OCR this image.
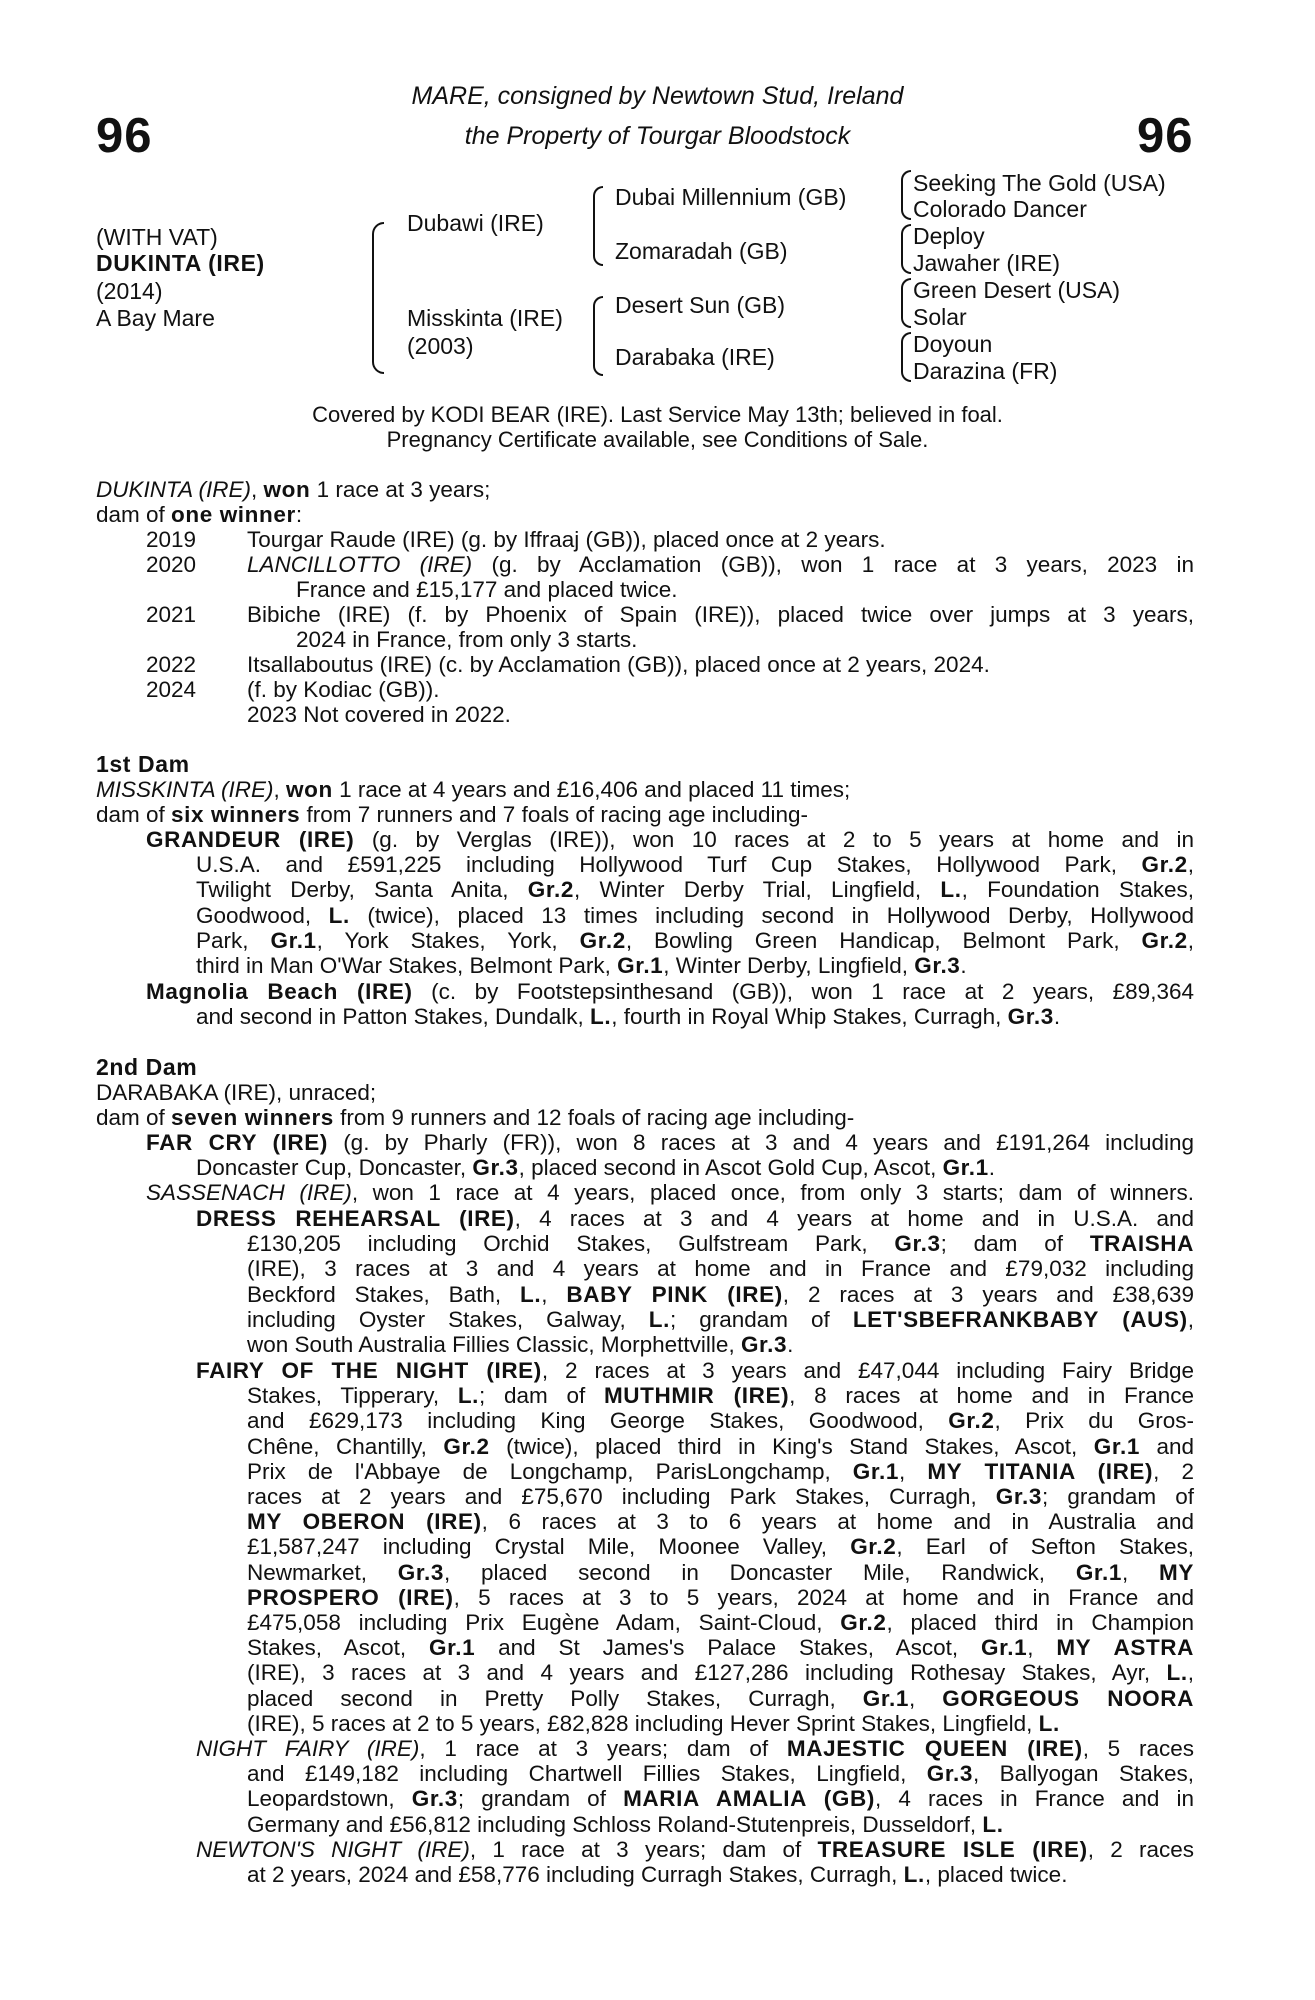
96	96
MARE, consigned by Newtown Stud, Ireland
the Property of Tourgar Bloodstock
(WITH VAT)
DUKINTA (IRE)
(2014)
A Bay Mare
Dubawi (IRE)
Misskinta (IRE)
(2003)
Dubai Millennium (GB)
Zomaradah (GB)
Desert Sun (GB)
Darabaka (IRE)
Seeking The Gold (USA)
Colorado Dancer
Deploy
Jawaher (IRE)
Green Desert (USA)
Solar
Doyoun
Darazina (FR)
Covered by KODI BEAR (IRE). Last Service May 13th; believed in foal.
Pregnancy Certificate available, see Conditions of Sale.
DUKINTA (IRE), won 1 race at 3 years;
dam of one winner:
2019 Tourgar Raude (IRE) (g. by Iffraaj (GB)), placed once at 2 years.
2020 LANCILLOTTO (IRE) (g. by Acclamation (GB)), won 1 race at 3 years, 2023 in
France and £15,177 and placed twice.
2021 Bibiche (IRE) (f. by Phoenix of Spain (IRE)), placed twice over jumps at 3 years,
2024 in France, from only 3 starts.
2022 Itsallaboutus (IRE) (c. by Acclamation (GB)), placed once at 2 years, 2024.
2024 (f. by Kodiac (GB)).
2023 Not covered in 2022.
1st Dam
MISSKINTA (IRE), won 1 race at 4 years and £16,406 and placed 11 times;
dam of six winners from 7 runners and 7 foals of racing age including-
GRANDEUR (IRE) (g. by Verglas (IRE)), won 10 races at 2 to 5 years at home and in
U.S.A. and £591,225 including Hollywood Turf Cup Stakes, Hollywood Park, Gr.2,
Twilight Derby, Santa Anita, Gr.2, Winter Derby Trial, Lingfield, L., Foundation Stakes,
Goodwood, L. (twice), placed 13 times including second in Hollywood Derby, Hollywood
Park, Gr.1, York Stakes, York, Gr.2, Bowling Green Handicap, Belmont Park, Gr.2,
third in Man O'War Stakes, Belmont Park, Gr.1, Winter Derby, Lingfield, Gr.3.
Magnolia Beach (IRE) (c. by Footstepsinthesand (GB)), won 1 race at 2 years, £89,364
and second in Patton Stakes, Dundalk, L., fourth in Royal Whip Stakes, Curragh, Gr.3.
2nd Dam
DARABAKA (IRE), unraced;
dam of seven winners from 9 runners and 12 foals of racing age including-
FAR CRY (IRE) (g. by Pharly (FR)), won 8 races at 3 and 4 years and £191,264 including
Doncaster Cup, Doncaster, Gr.3, placed second in Ascot Gold Cup, Ascot, Gr.1.
SASSENACH (IRE), won 1 race at 4 years, placed once, from only 3 starts; dam of winners.
DRESS REHEARSAL (IRE), 4 races at 3 and 4 years at home and in U.S.A. and
£130,205 including Orchid Stakes, Gulfstream Park, Gr.3; dam of TRAISHA
(IRE), 3 races at 3 and 4 years at home and in France and £79,032 including
Beckford Stakes, Bath, L., BABY PINK (IRE), 2 races at 3 years and £38,639
including Oyster Stakes, Galway, L.; grandam of LET'SBEFRANKBABY (AUS),
won South Australia Fillies Classic, Morphettville, Gr.3.
FAIRY OF THE NIGHT (IRE), 2 races at 3 years and £47,044 including Fairy Bridge
Stakes, Tipperary, L.; dam of MUTHMIR (IRE), 8 races at home and in France
and £629,173 including King George Stakes, Goodwood, Gr.2, Prix du Gros-
Chêne, Chantilly, Gr.2 (twice), placed third in King's Stand Stakes, Ascot, Gr.1 and
Prix de l'Abbaye de Longchamp, ParisLongchamp, Gr.1, MY TITANIA (IRE), 2
races at 2 years and £75,670 including Park Stakes, Curragh, Gr.3; grandam of
MY OBERON (IRE), 6 races at 3 to 6 years at home and in Australia and
£1,587,247 including Crystal Mile, Moonee Valley, Gr.2, Earl of Sefton Stakes,
Newmarket, Gr.3, placed second in Doncaster Mile, Randwick, Gr.1, MY
PROSPERO (IRE), 5 races at 3 to 5 years, 2024 at home and in France and
£475,058 including Prix Eugène Adam, Saint-Cloud, Gr.2, placed third in Champion
Stakes, Ascot, Gr.1 and St James's Palace Stakes, Ascot, Gr.1, MY ASTRA
(IRE), 3 races at 3 and 4 years and £127,286 including Rothesay Stakes, Ayr, L.,
placed second in Pretty Polly Stakes, Curragh, Gr.1, GORGEOUS NOORA
(IRE), 5 races at 2 to 5 years, £82,828 including Hever Sprint Stakes, Lingfield, L.
NIGHT FAIRY (IRE), 1 race at 3 years; dam of MAJESTIC QUEEN (IRE), 5 races
and £149,182 including Chartwell Fillies Stakes, Lingfield, Gr.3, Ballyogan Stakes,
Leopardstown, Gr.3; grandam of MARIA AMALIA (GB), 4 races in France and in
Germany and £56,812 including Schloss Roland-Stutenpreis, Dusseldorf, L.
NEWTON'S NIGHT (IRE), 1 race at 3 years; dam of TREASURE ISLE (IRE), 2 races
at 2 years, 2024 and £58,776 including Curragh Stakes, Curragh, L., placed twice.
